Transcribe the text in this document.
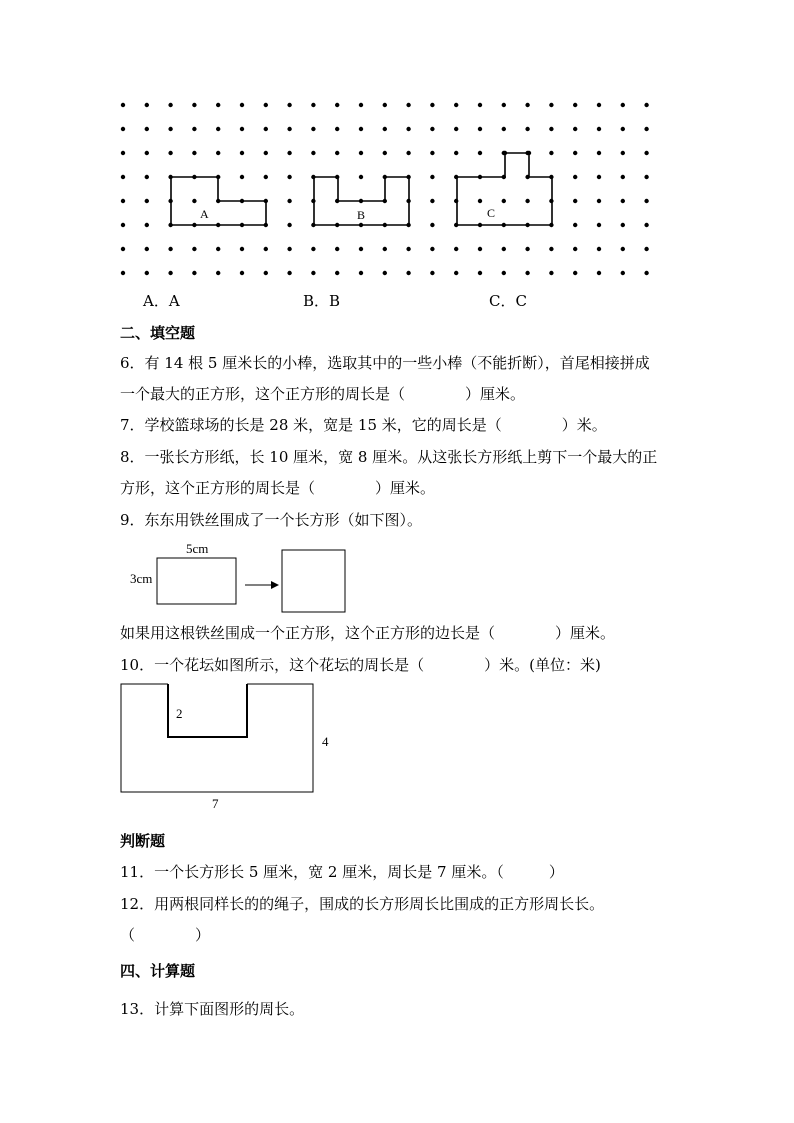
A	B	C
A．A	B．B	C．C
二、填空题
6．有 14 根 5 厘米长的小棒，选取其中的一些小棒（不能折断），首尾相接拼成
一个最大的正方形，这个正方形的周长是（　　　　）厘米。
7．学校篮球场的长是 28 米，宽是 15 米，它的周长是（　　　　）米。
8．一张长方形纸，长 10 厘米，宽 8 厘米。从这张长方形纸上剪下一个最大的正
方形，这个正方形的周长是（　　　　）厘米。
9．东东用铁丝围成了一个长方形（如下图）。
5cm
3cm
2
4
7
如果用这根铁丝围成一个正方形，这个正方形的边长是（　　　　）厘米。
10．一个花坛如图所示，这个花坛的周长是（　　　　）米。(单位：米)
判断题
11．一个长方形长 5 厘米，宽 2 厘米，周长是 7 厘米。（　　　）
12．用两根同样长的的绳子，围成的长方形周长比围成的正方形周长长。
（　　　　）
四、计算题
13．计算下面图形的周长。
